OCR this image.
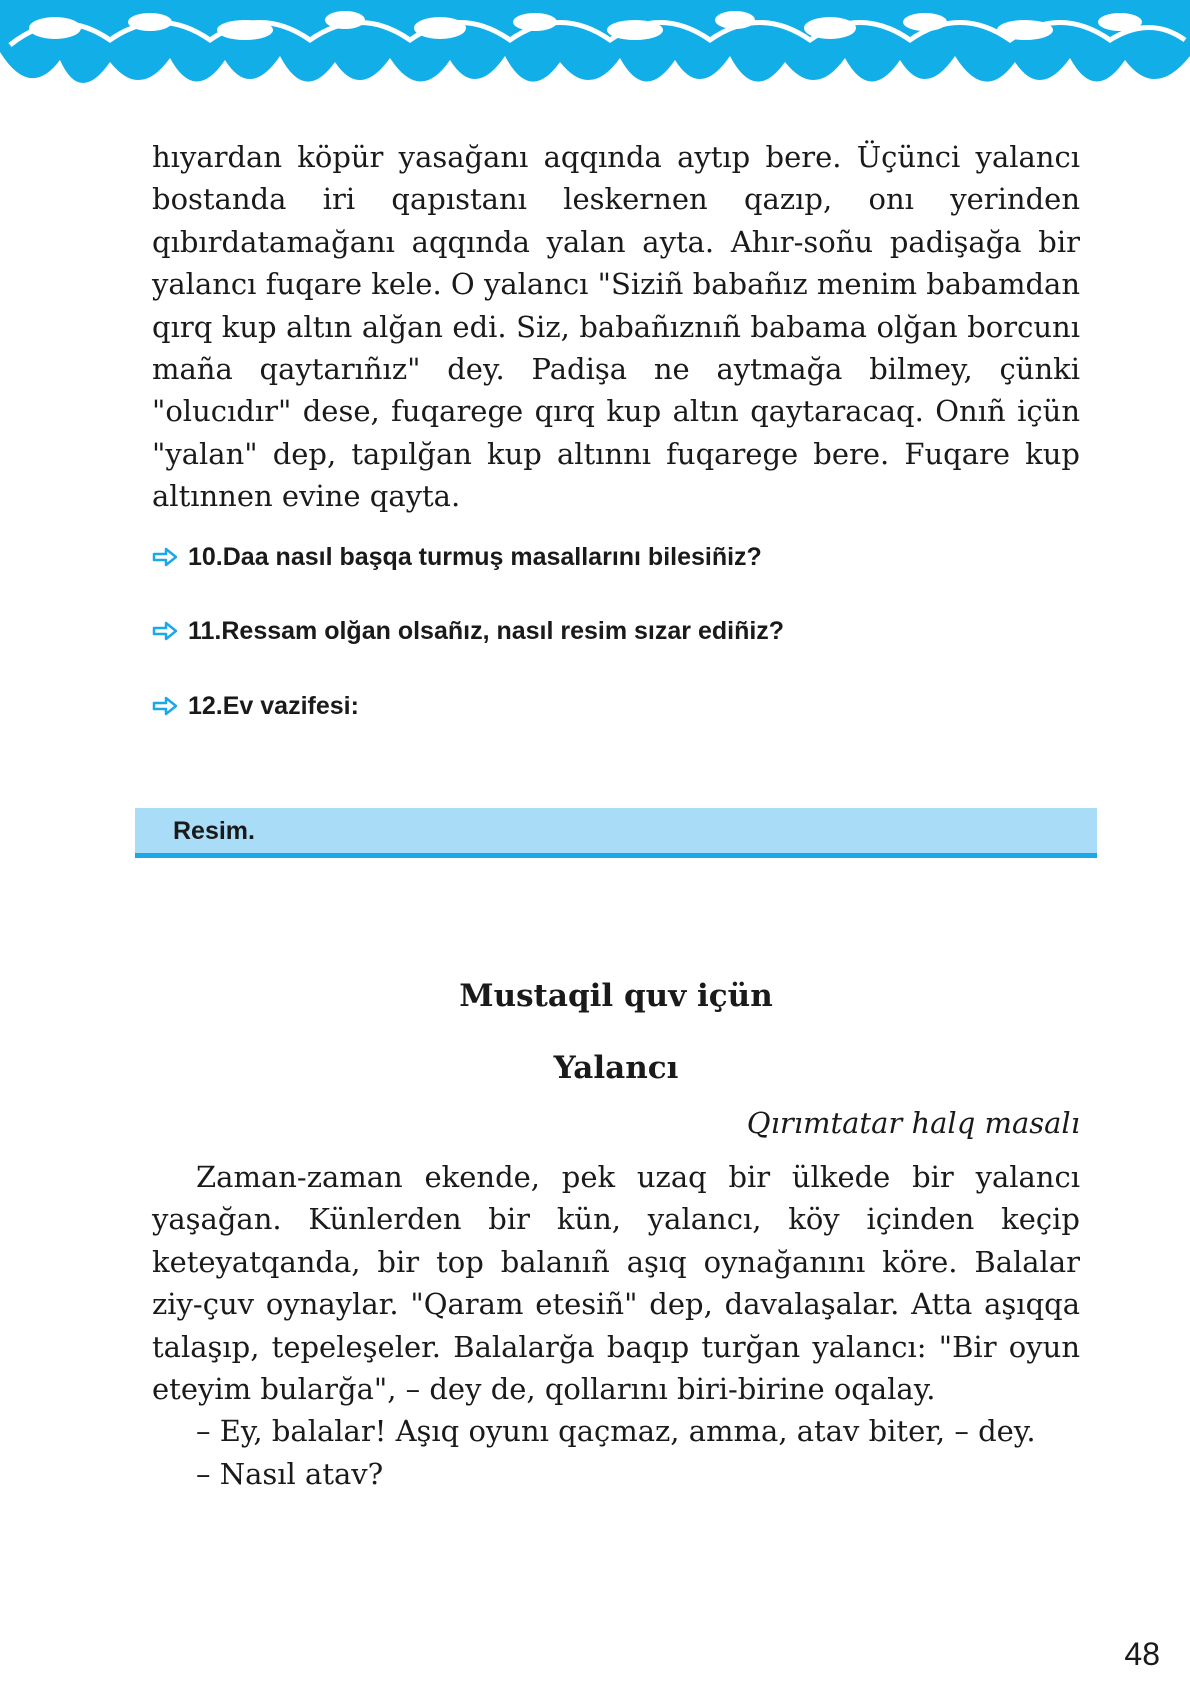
hıyardan köpür yasağanı aqqında aytıp bere. Üçünci yalancı bostanda iri qapıstanı leskernen qazıp, onı yerinden qıbırdatamağanı aqqında yalan ayta. Ahır-soñu padişağa bir yalancı fuqare kele. O yalancı "Siziñ babañız menim babamdan qırq kup altın alğan edi. Siz, babañıznıñ babama olğan borcunı maña qaytarıñız" dey. Padişa ne aytmağa bilmey, çünki "olucıdır" dese, fuqarege qırq kup altın qaytaracaq. Onıñ içün "yalan" dep, tapılğan kup altınnı fuqarege bere. Fuqare kup altınnen evine qayta.

10.Daa nasıl başqa turmuş masallarını bilesiñiz?
11.Ressam olğan olsañız, nasıl resim sızar ediñiz?
12.Ev vazifesi:
Resim.
Mustaqil quv içün
Yalancı
Qırımtatar halq masalı

Zaman-zaman ekende, pek uzaq bir ülkede bir yalancı yaşağan. Künlerden bir kün, yalancı, köy içinden keçip keteyatqanda, bir top balanıñ aşıq oynağanını köre. Balalar ziy-çuv oynaylar. "Qaram etesiñ" dep, davalaşalar. Atta aşıqqa talaşıp, tepeleşeler. Balalarğa baqıp turğan yalancı: "Bir oyun eteyim bularğa", – dey de, qollarını biri-birine oqalay.

– Ey, balalar! Aşıq oyunı qaçmaz, amma, atav biter, – dey.

– Nasıl atav?

48
